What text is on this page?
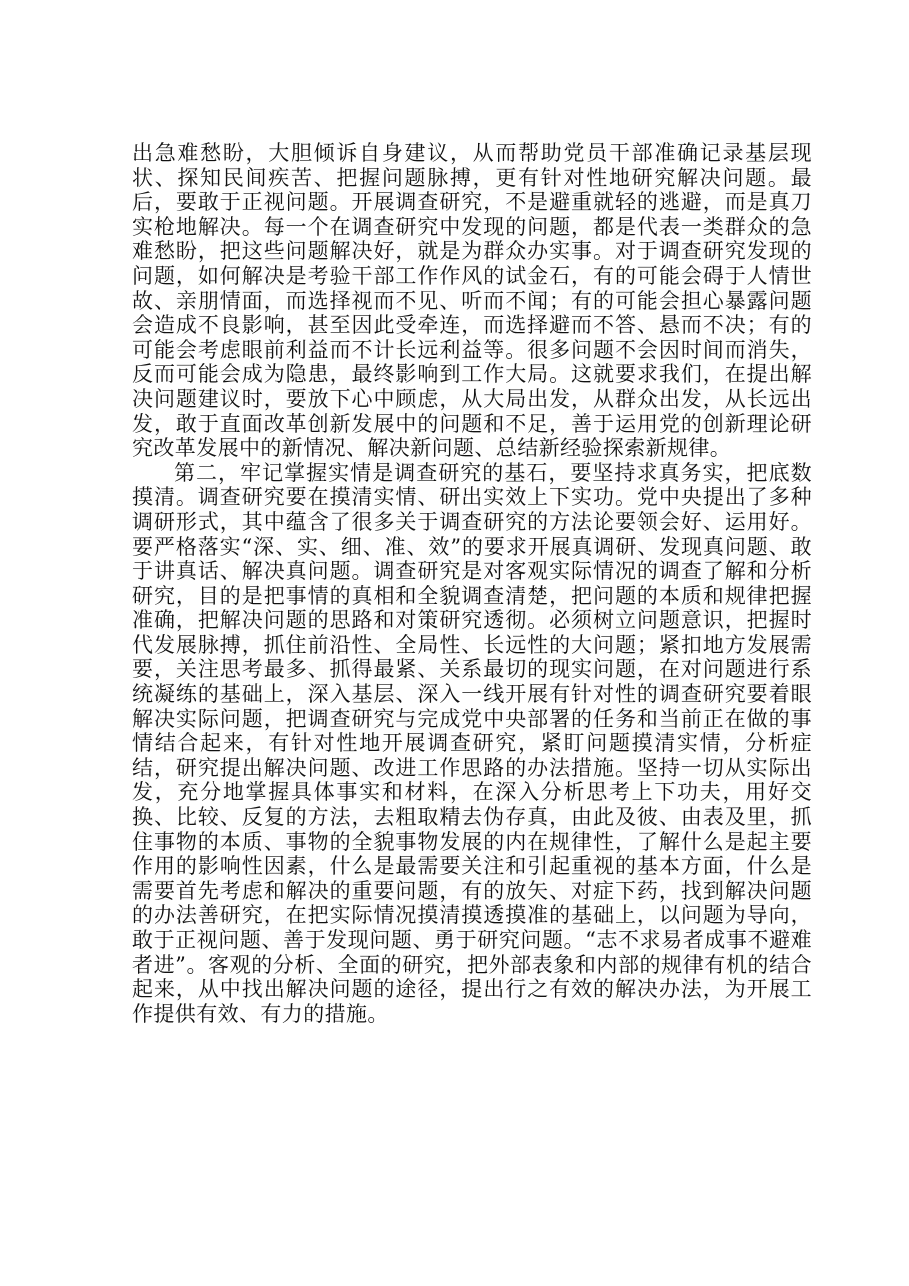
出急难愁盼，大胆倾诉自身建议，从而帮助党员干部准确记录基层现状、探知民间疾苦、把握问题脉搏，更有针对性地研究解决问题。最后，要敢于正视问题。开展调查研究，不是避重就轻的逃避，而是真刀实枪地解决。每一个在调查研究中发现的问题，都是代表一类群众的急难愁盼，把这些问题解决好，就是为群众办实事。对于调查研究发现的问题，如何解决是考验干部工作作风的试金石，有的可能会碍于人情世故、亲朋情面，而选择视而不见、听而不闻；有的可能会担心暴露问题会造成不良影响，甚至因此受牵连，而选择避而不答、悬而不决；有的可能会考虑眼前利益而不计长远利益等。很多问题不会因时间而消失，反而可能会成为隐患，最终影响到工作大局。这就要求我们，在提出解决问题建议时，要放下心中顾虑，从大局出发，从群众出发，从长远出发，敢于直面改革创新发展中的问题和不足，善于运用党的创新理论研究改革发展中的新情况、解决新问题、总结新经验探索新规律。

第二，牢记掌握实情是调查研究的基石，要坚持求真务实，把底数摸清。调查研究要在摸清实情、研出实效上下实功。党中央提出了多种调研形式，其中蕴含了很多关于调查研究的方法论要领会好、运用好。要严格落实“深、实、细、准、效”的要求开展真调研、发现真问题、敢于讲真话、解决真问题。调查研究是对客观实际情况的调查了解和分析研究，目的是把事情的真相和全貌调查清楚，把问题的本质和规律把握准确，把解决问题的思路和对策研究透彻。必须树立问题意识，把握时代发展脉搏，抓住前沿性、全局性、长远性的大问题；紧扣地方发展需要，关注思考最多、抓得最紧、关系最切的现实问题，在对问题进行系统凝练的基础上，深入基层、深入一线开展有针对性的调查研究要着眼解决实际问题，把调查研究与完成党中央部署的任务和当前正在做的事情结合起来，有针对性地开展调查研究，紧盯问题摸清实情，分析症结，研究提出解决问题、改进工作思路的办法措施。坚持一切从实际出发，充分地掌握具体事实和材料，在深入分析思考上下功夫，用好交换、比较、反复的方法，去粗取精去伪存真，由此及彼、由表及里，抓住事物的本质、事物的全貌事物发展的内在规律性，了解什么是起主要作用的影响性因素，什么是最需要关注和引起重视的基本方面，什么是需要首先考虑和解决的重要问题，有的放矢、对症下药，找到解决问题的办法善研究，在把实际情况摸清摸透摸准的基础上，以问题为导向，敢于正视问题、善于发现问题、勇于研究问题。“志不求易者成事不避难者进”。客观的分析、全面的研究，把外部表象和内部的规律有机的结合起来，从中找出解决问题的途径，提出行之有效的解决办法，为开展工作提供有效、有力的措施。
